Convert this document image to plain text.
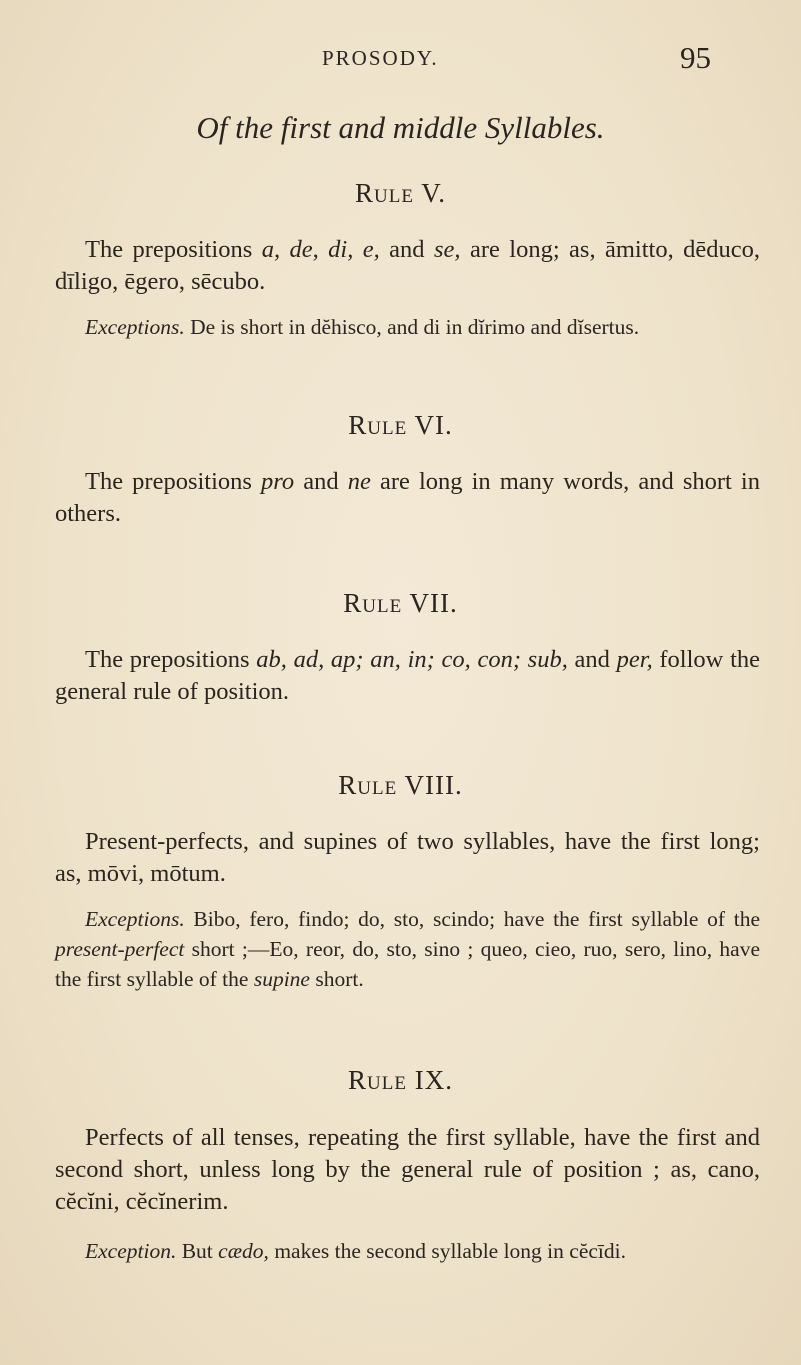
PROSODY.	95
Of the first and middle Syllables.
Rule V.

The prepositions a, de, di, e, and se, are long; as, āmitto, dēduco, dīligo, ēgero, sēcubo.

Exceptions. De is short in dĕhisco, and di in dĭrimo and dĭsertus.

Rule VI.

The prepositions pro and ne are long in many words, and short in others.

Rule VII.

The prepositions ab, ad, ap; an, in; co, con; sub, and per, follow the general rule of position.

Rule VIII.

Present-perfects, and supines of two syllables, have the first long; as, mōvi, mōtum.

Exceptions. Bibo, fero, findo; do, sto, scindo; have the first syllable of the present-perfect short ;—Eo, reor, do, sto, sino ; queo, cieo, ruo, sero, lino, have the first syllable of the supine short.

Rule IX.

Perfects of all tenses, repeating the first syllable, have the first and second short, unless long by the general rule of position ; as, cano, cĕcĭni, cĕcĭnerim.

Exception. But cædo, makes the second syllable long in cĕcīdi.
